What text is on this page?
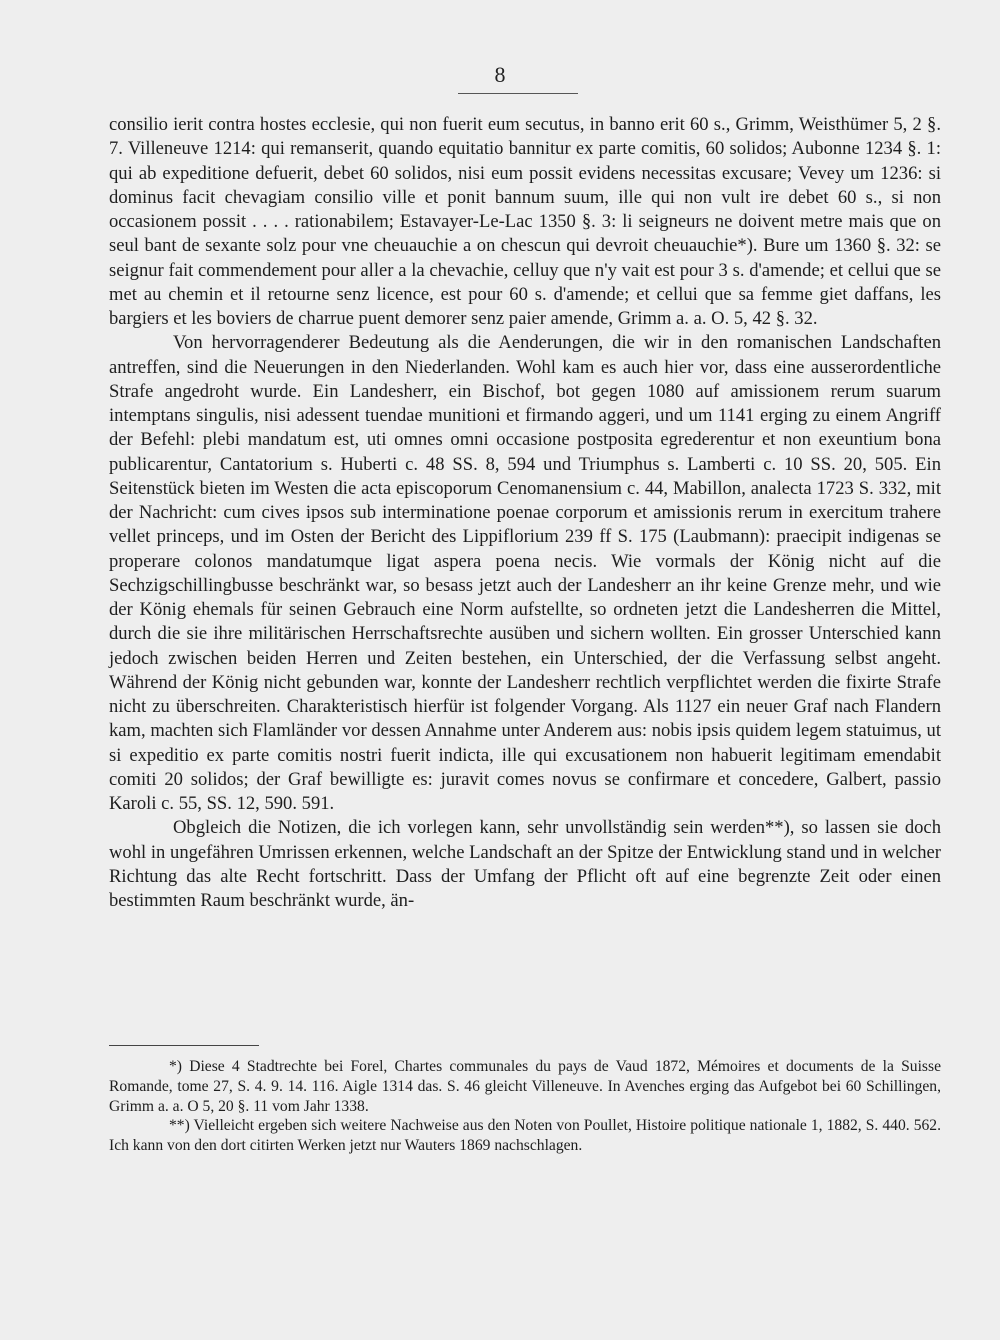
8

consilio ierit contra hostes ecclesie, qui non fuerit eum secutus, in banno erit 60 s., Grimm, Weisthümer 5, 2 §. 7. Villeneuve 1214: qui remanserit, quando equitatio bannitur ex parte comitis, 60 solidos; Aubonne 1234 §. 1: qui ab expeditione defuerit, debet 60 solidos, nisi eum possit evidens necessitas excusare; Vevey um 1236: si dominus facit chevagiam consilio ville et ponit bannum suum, ille qui non vult ire debet 60 s., si non occasionem possit . . . . rationabilem; Estavayer-Le-Lac 1350 §. 3: li seigneurs ne doivent metre mais que on seul bant de sexante solz pour vne cheuauchie a on chescun qui devroit cheuauchie*). Bure um 1360 §. 32: se seignur fait commendement pour aller a la chevachie, celluy que n'y vait est pour 3 s. d'amende; et cellui que se met au chemin et il retourne senz licence, est pour 60 s. d'amende; et cellui que sa femme giet daffans, les bargiers et les boviers de charrue puent demorer senz paier amende, Grimm a. a. O. 5, 42 §. 32.

Von hervorragenderer Bedeutung als die Aenderungen, die wir in den romanischen Landschaften antreffen, sind die Neuerungen in den Niederlanden. Wohl kam es auch hier vor, dass eine ausserordentliche Strafe angedroht wurde. Ein Landesherr, ein Bischof, bot gegen 1080 auf amissionem rerum suarum intemptans singulis, nisi adessent tuendae munitioni et firmando aggeri, und um 1141 erging zu einem Angriff der Befehl: plebi mandatum est, uti omnes omni occasione postposita egrederentur et non exeuntium bona publicarentur, Cantatorium s. Huberti c. 48 SS. 8, 594 und Triumphus s. Lamberti c. 10 SS. 20, 505. Ein Seitenstück bieten im Westen die acta episcoporum Cenomanensium c. 44, Mabillon, analecta 1723 S. 332, mit der Nachricht: cum cives ipsos sub interminatione poenae corporum et amissionis rerum in exercitum trahere vellet princeps, und im Osten der Bericht des Lippiflorium 239 ff S. 175 (Laubmann): praecipit indigenas se properare colonos mandatumque ligat aspera poena necis. Wie vormals der König nicht auf die Sechzigschillingbusse beschränkt war, so besass jetzt auch der Landesherr an ihr keine Grenze mehr, und wie der König ehemals für seinen Gebrauch eine Norm aufstellte, so ordneten jetzt die Landesherren die Mittel, durch die sie ihre militärischen Herrschaftsrechte ausüben und sichern wollten. Ein grosser Unterschied kann jedoch zwischen beiden Herren und Zeiten bestehen, ein Unterschied, der die Verfassung selbst angeht. Während der König nicht gebunden war, konnte der Landesherr rechtlich verpflichtet werden die fixirte Strafe nicht zu überschreiten. Charakteristisch hierfür ist folgender Vorgang. Als 1127 ein neuer Graf nach Flandern kam, machten sich Flamländer vor dessen Annahme unter Anderem aus: nobis ipsis quidem legem statuimus, ut si expeditio ex parte comitis nostri fuerit indicta, ille qui excusationem non habuerit legitimam emendabit comiti 20 solidos; der Graf bewilligte es: juravit comes novus se confirmare et concedere, Galbert, passio Karoli c. 55, SS. 12, 590. 591.

Obgleich die Notizen, die ich vorlegen kann, sehr unvollständig sein werden**), so lassen sie doch wohl in ungefähren Umrissen erkennen, welche Landschaft an der Spitze der Entwicklung stand und in welcher Richtung das alte Recht fortschritt. Dass der Umfang der Pflicht oft auf eine begrenzte Zeit oder einen bestimmten Raum beschränkt wurde, än-

*) Diese 4 Stadtrechte bei Forel, Chartes communales du pays de Vaud 1872, Mémoires et documents de la Suisse Romande, tome 27, S. 4. 9. 14. 116. Aigle 1314 das. S. 46 gleicht Villeneuve. In Avenches erging das Aufgebot bei 60 Schillingen, Grimm a. a. O 5, 20 §. 11 vom Jahr 1338.

**) Vielleicht ergeben sich weitere Nachweise aus den Noten von Poullet, Histoire politique nationale 1, 1882, S. 440. 562. Ich kann von den dort citirten Werken jetzt nur Wauters 1869 nachschlagen.
